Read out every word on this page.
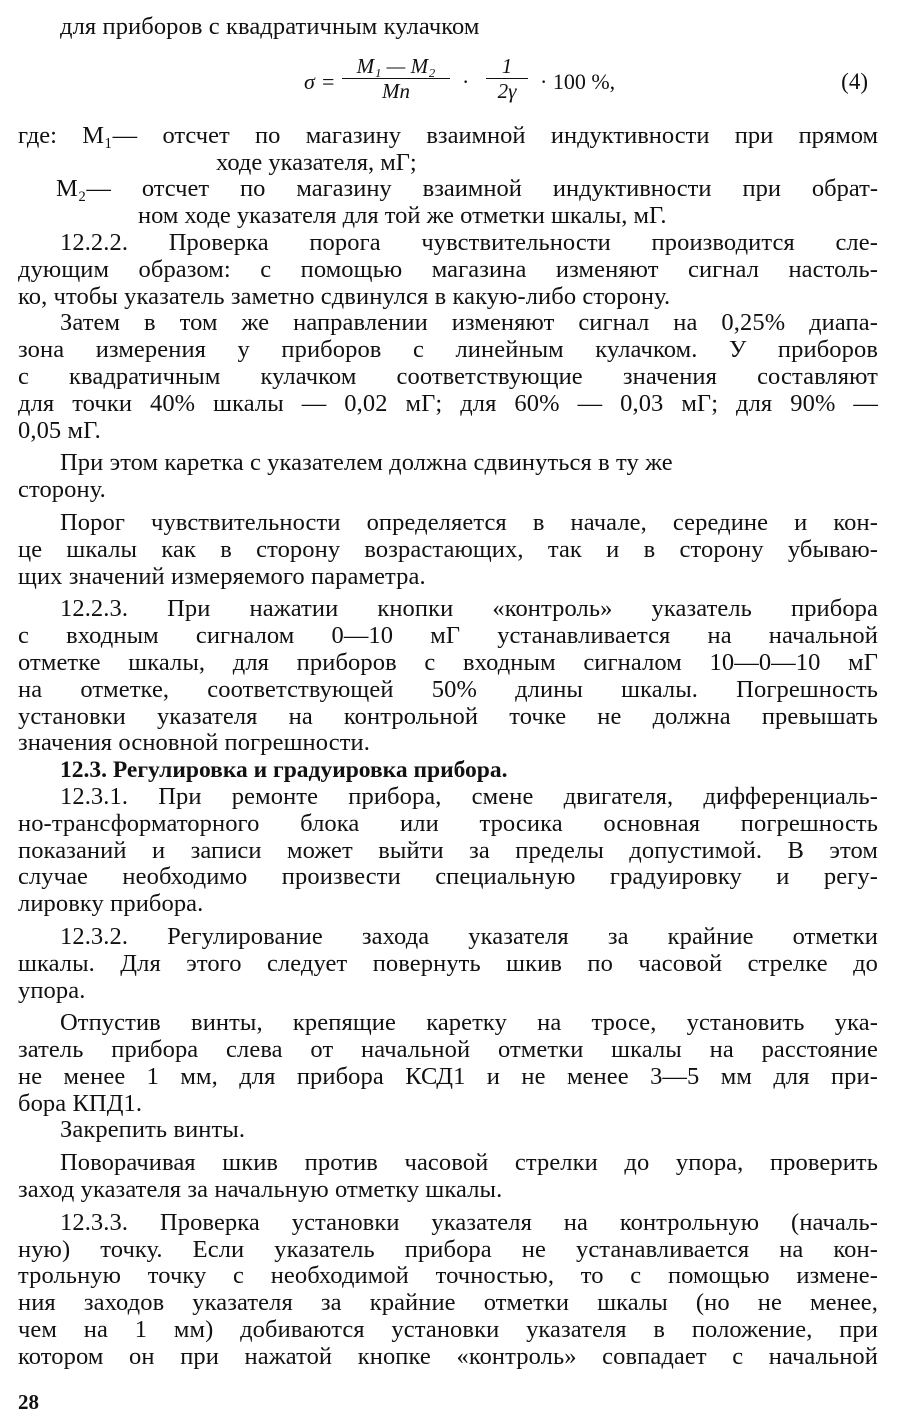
для приборов с квадратичным кулачком
σ =
M₁ — M₂
Mп	· $\frac{1}{2\gamma} \cdot 100$ %,	(4)
где: M₁— отсчет по магазину взаимной индуктивности при прямом
ходе указателя, мГ;
M₂— отсчет по магазину взаимной индуктивности при обрат-
ном ходе указателя для той же отметки шкалы, мГ.
12.2.2. Проверка порога чувствительности производится сле-
дующим образом: с помощью магазина изменяют сигнал настоль-
ко, чтобы указатель заметно сдвинулся в какую-либо сторону.
Затем в том же направлении изменяют сигнал на 0,25% диапа-
зона измерения у приборов с линейным кулачком. У приборов
с квадратичным кулачком соответствующие значения составляют
для точки 40% шкалы — 0,02 мГ; для 60% — 0,03 мГ; для 90% —
0,05 мГ.
При этом каретка с указателем должна сдвинуться в ту же
сторону.
Порог чувствительности определяется в начале, середине и кон-
це шкалы как в сторону возрастающих, так и в сторону убываю-
щих значений измеряемого параметра.
12.2.3. При нажатии кнопки «контроль» указатель прибора
с входным сигналом 0—10 мГ устанавливается на начальной
отметке шкалы, для приборов с входным сигналом 10—0—10 мГ
на отметке, соответствующей 50% длины шкалы. Погрешность
установки указателя на контрольной точке не должна превышать
значения основной погрешности.
12.3. Регулировка и градуировка прибора.
12.3.1. При ремонте прибора, смене двигателя, дифференциаль-
но-трансформаторного блока или тросика основная погрешность
показаний и записи может выйти за пределы допустимой. В этом
случае необходимо произвести специальную градуировку и регу-
лировку прибора.
12.3.2. Регулирование захода указателя за крайние отметки
шкалы. Для этого следует повернуть шкив по часовой стрелке до
упора.
Отпустив винты, крепящие каретку на тросе, установить ука-
затель прибора слева от начальной отметки шкалы на расстояние
не менее 1 мм, для прибора КСД1 и не менее 3—5 мм для при-
бора КПД1.
Закрепить винты.
Поворачивая шкив против часовой стрелки до упора, проверить
заход указателя за начальную отметку шкалы.
12.3.3. Проверка установки указателя на контрольную (началь-
ную) точку. Если указатель прибора не устанавливается на кон-
трольную точку с необходимой точностью, то с помощью измене-
ния заходов указателя за крайние отметки шкалы (но не менее,
чем на 1 мм) добиваются установки указателя в положение, при
котором он при нажатой кнопке «контроль» совпадает с начальной
28
